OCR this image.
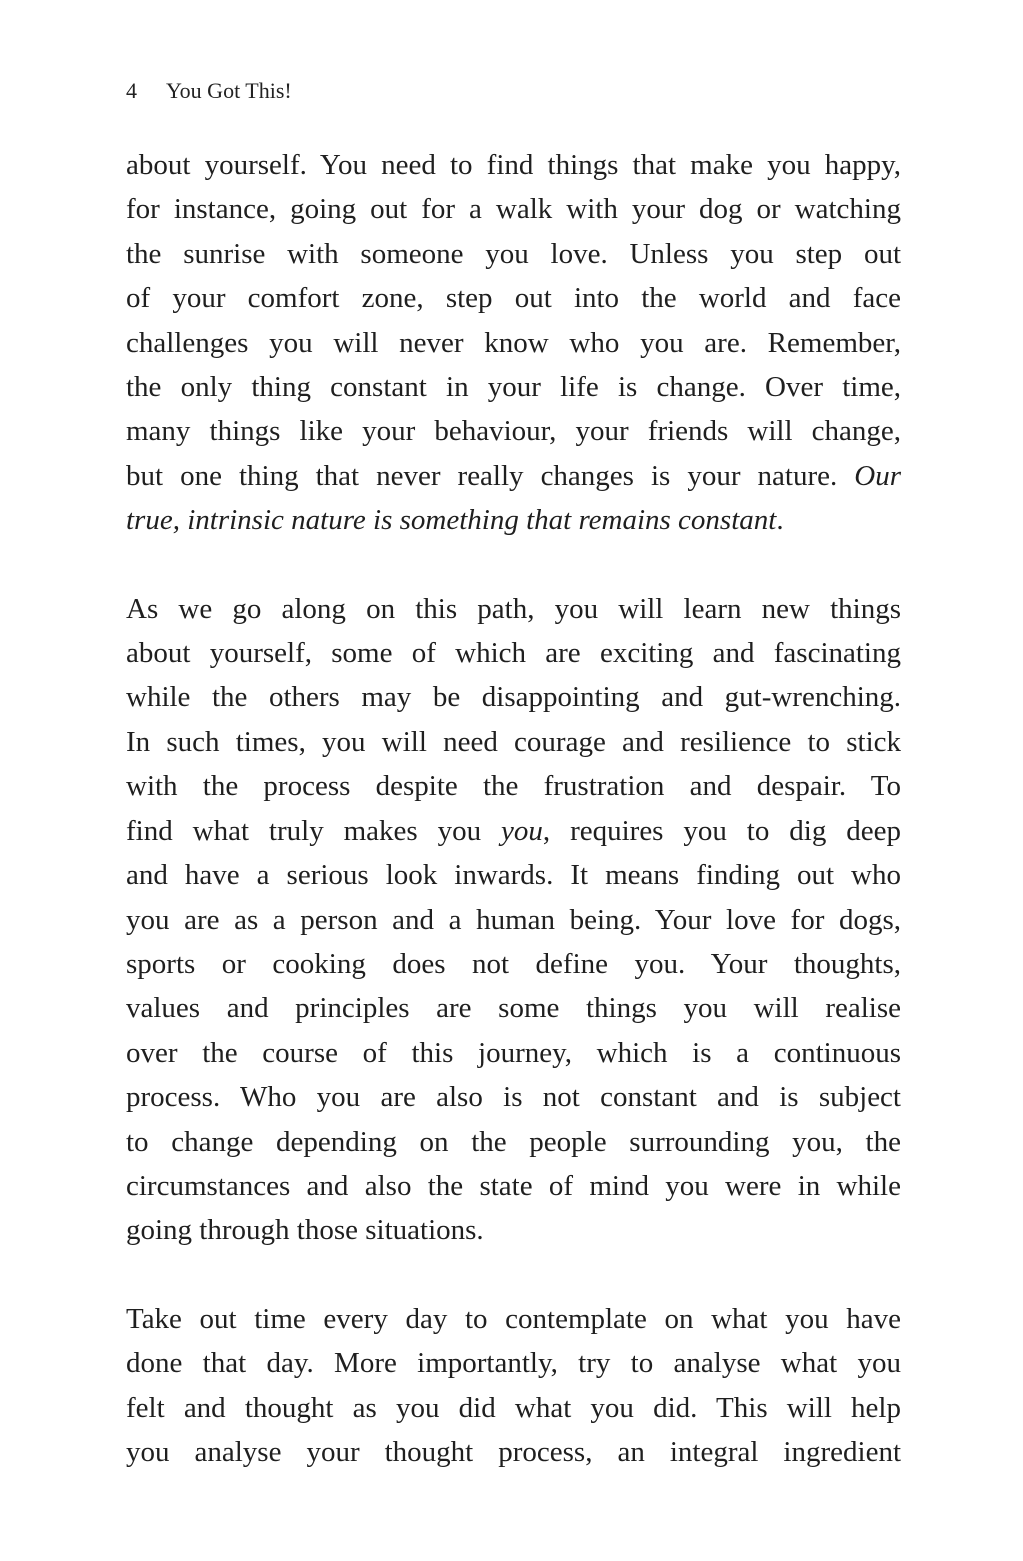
4 You Got This!

about yourself. You need to find things that make you happy,
for instance, going out for a walk with your dog or watching
the sunrise with someone you love. Unless you step out
of your comfort zone, step out into the world and face
challenges you will never know who you are. Remember,
the only thing constant in your life is change. Over time,
many things like your behaviour, your friends will change,
but one thing that never really changes is your nature. Our
true, intrinsic nature is something that remains constant.

As we go along on this path, you will learn new things
about yourself, some of which are exciting and fascinating
while the others may be disappointing and gut-wrenching.
In such times, you will need courage and resilience to stick
with the process despite the frustration and despair. To
find what truly makes you you, requires you to dig deep
and have a serious look inwards. It means finding out who
you are as a person and a human being. Your love for dogs,
sports or cooking does not define you. Your thoughts,
values and principles are some things you will realise
over the course of this journey, which is a continuous
process. Who you are also is not constant and is subject
to change depending on the people surrounding you, the
circumstances and also the state of mind you were in while
going through those situations.

Take out time every day to contemplate on what you have
done that day. More importantly, try to analyse what you
felt and thought as you did what you did. This will help
you analyse your thought process, an integral ingredient
